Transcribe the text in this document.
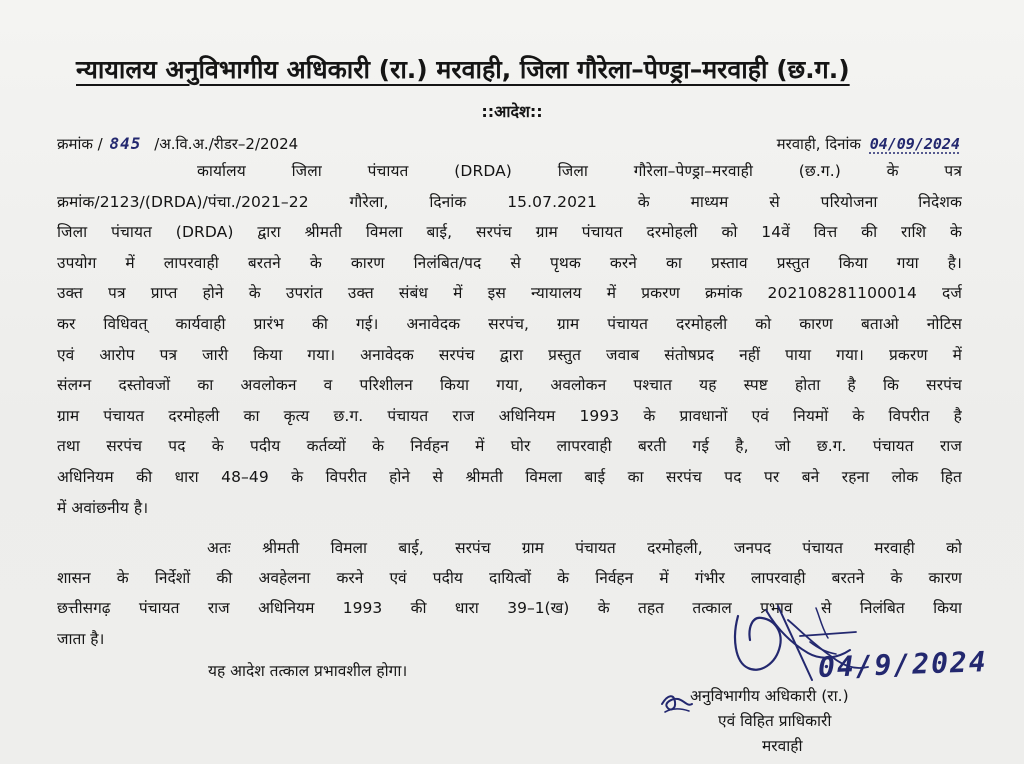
न्यायालय अनुविभागीय अधिकारी (रा.) मरवाही, जिला गौरेला–पेण्ड्रा–मरवाही (छ.ग.)
::आदेश::
क्रमांक / 845 /अ.वि.अ./रीडर–2/2024	मरवाही, दिनांक 04/09/2024
कार्यालय जिला पंचायत (DRDA) जिला गौरेला–पेण्ड्रा–मरवाही (छ.ग.) के पत्र
क्रमांक/2123/(DRDA)/पंचा./2021–22 गौरेला, दिनांक 15.07.2021 के माध्यम से परियोजना निदेशक
जिला पंचायत (DRDA) द्वारा श्रीमती विमला बाई, सरपंच ग्राम पंचायत दरमोहली को 14वें वित्त की राशि के
उपयोग में लापरवाही बरतने के कारण निलंबित/पद से पृथक करने का प्रस्ताव प्रस्तुत किया गया है।
उक्त पत्र प्राप्त होने के उपरांत उक्त संबंध में इस न्यायालय में प्रकरण क्रमांक 202108281100014 दर्ज
कर विधिवत् कार्यवाही प्रारंभ की गई। अनावेदक सरपंच, ग्राम पंचायत दरमोहली को कारण बताओ नोटिस
एवं आरोप पत्र जारी किया गया। अनावेदक सरपंच द्वारा प्रस्तुत जवाब संतोषप्रद नहीं पाया गया। प्रकरण में
संलग्न दस्तोवजों का अवलोकन व परिशीलन किया गया, अवलोकन पश्चात यह स्पष्ट होता है कि सरपंच
ग्राम पंचायत दरमोहली का कृत्य छ.ग. पंचायत राज अधिनियम 1993 के प्रावधानों एवं नियमों के विपरीत है
तथा सरपंच पद के पदीय कर्तव्यों के निर्वहन में घोर लापरवाही बरती गई है, जो छ.ग. पंचायत राज
अधिनियम की धारा 48–49 के विपरीत होने से श्रीमती विमला बाई का सरपंच पद पर बने रहना लोक हित
में अवांछनीय है।
अतः श्रीमती विमला बाई, सरपंच ग्राम पंचायत दरमोहली, जनपद पंचायत मरवाही को
शासन के निर्देशों की अवहेलना करने एवं पदीय दायित्वों के निर्वहन में गंभीर लापरवाही बरतने के कारण
छत्तीसगढ़ पंचायत राज अधिनियम 1993 की धारा 39–1(ख) के तहत तत्काल प्रभाव से निलंबित किया
जाता है।
यह आदेश तत्काल प्रभावशील होगा।	04/9/2024
अनुविभागीय अधिकारी (रा.)
एवं विहित प्राधिकारी
मरवाही
